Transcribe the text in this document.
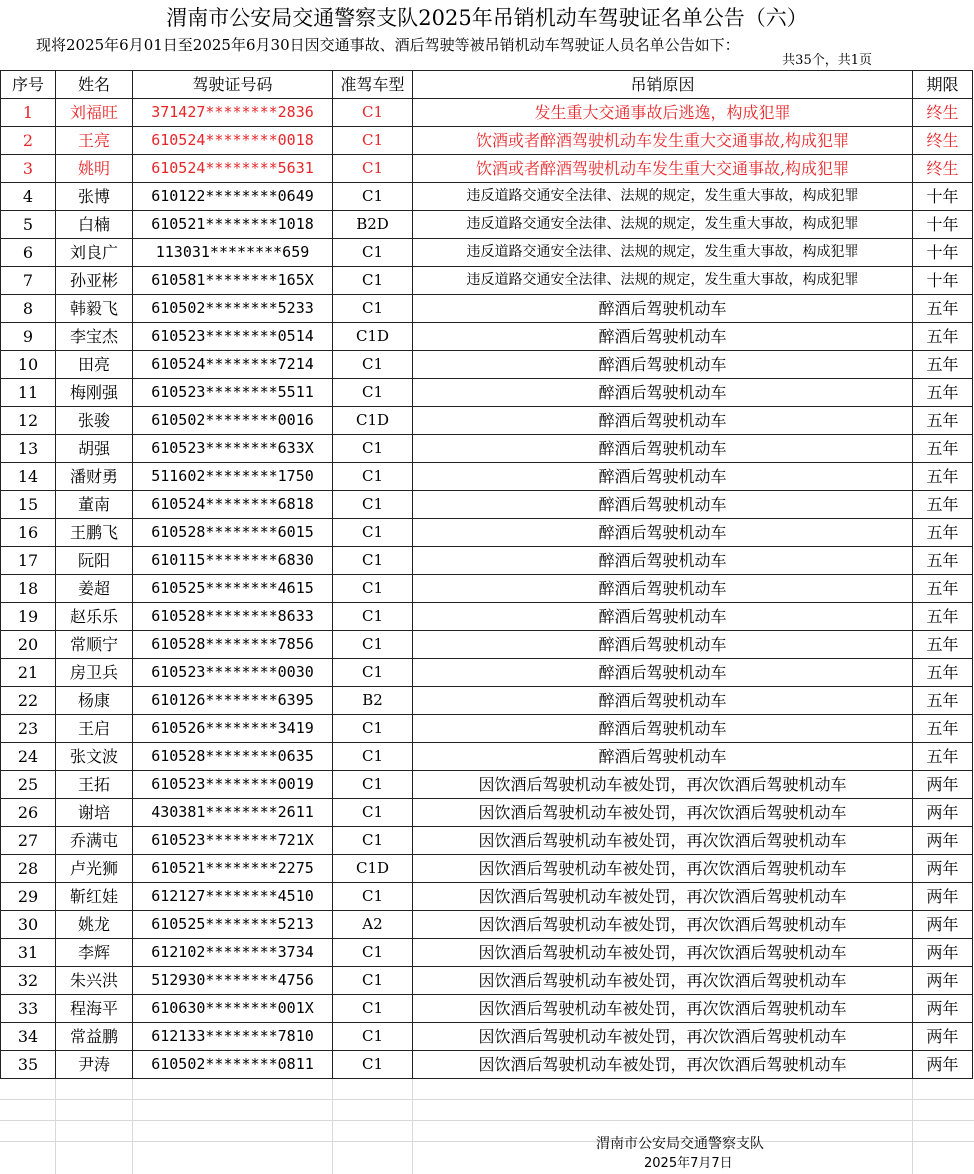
渭南市公安局交通警察支队2025年吊销机动车驾驶证名单公告（六）
现将2025年6月01日至2025年6月30日因交通事故、酒后驾驶等被吊销机动车驾驶证人员名单公告如下：
共35个，共1页
序号	姓名	驾驶证号码	准驾车型	吊销原因	期限
1	刘福旺	371427********2836	C1	发生重大交通事故后逃逸，构成犯罪	终生
2	王亮	610524********0018	C1	饮酒或者醉酒驾驶机动车发生重大交通事故,构成犯罪	终生
3	姚明	610524********5631	C1	饮酒或者醉酒驾驶机动车发生重大交通事故,构成犯罪	终生
4	张博	610122********0649	C1	违反道路交通安全法律、法规的规定，发生重大事故，构成犯罪	十年
5	白楠	610521********1018	B2D	违反道路交通安全法律、法规的规定，发生重大事故，构成犯罪	十年
6	刘良广	113031********659	C1	违反道路交通安全法律、法规的规定，发生重大事故，构成犯罪	十年
7	孙亚彬	610581********165X	C1	违反道路交通安全法律、法规的规定，发生重大事故，构成犯罪	十年
8	韩毅飞	610502********5233	C1	醉酒后驾驶机动车	五年
9	李宝杰	610523********0514	C1D	醉酒后驾驶机动车	五年
10	田亮	610524********7214	C1	醉酒后驾驶机动车	五年
11	梅刚强	610523********5511	C1	醉酒后驾驶机动车	五年
12	张骏	610502********0016	C1D	醉酒后驾驶机动车	五年
13	胡强	610523********633X	C1	醉酒后驾驶机动车	五年
14	潘财勇	511602********1750	C1	醉酒后驾驶机动车	五年
15	董南	610524********6818	C1	醉酒后驾驶机动车	五年
16	王鹏飞	610528********6015	C1	醉酒后驾驶机动车	五年
17	阮阳	610115********6830	C1	醉酒后驾驶机动车	五年
18	姜超	610525********4615	C1	醉酒后驾驶机动车	五年
19	赵乐乐	610528********8633	C1	醉酒后驾驶机动车	五年
20	常顺宁	610528********7856	C1	醉酒后驾驶机动车	五年
21	房卫兵	610523********0030	C1	醉酒后驾驶机动车	五年
22	杨康	610126********6395	B2	醉酒后驾驶机动车	五年
23	王启	610526********3419	C1	醉酒后驾驶机动车	五年
24	张文波	610528********0635	C1	醉酒后驾驶机动车	五年
25	王拓	610523********0019	C1	因饮酒后驾驶机动车被处罚，再次饮酒后驾驶机动车	两年
26	谢培	430381********2611	C1	因饮酒后驾驶机动车被处罚，再次饮酒后驾驶机动车	两年
27	乔满屯	610523********721X	C1	因饮酒后驾驶机动车被处罚，再次饮酒后驾驶机动车	两年
28	卢光狮	610521********2275	C1D	因饮酒后驾驶机动车被处罚，再次饮酒后驾驶机动车	两年
29	靳红娃	612127********4510	C1	因饮酒后驾驶机动车被处罚，再次饮酒后驾驶机动车	两年
30	姚龙	610525********5213	A2	因饮酒后驾驶机动车被处罚，再次饮酒后驾驶机动车	两年
31	李辉	612102********3734	C1	因饮酒后驾驶机动车被处罚，再次饮酒后驾驶机动车	两年
32	朱兴洪	512930********4756	C1	因饮酒后驾驶机动车被处罚，再次饮酒后驾驶机动车	两年
33	程海平	610630********001X	C1	因饮酒后驾驶机动车被处罚，再次饮酒后驾驶机动车	两年
34	常益鹏	612133********7810	C1	因饮酒后驾驶机动车被处罚，再次饮酒后驾驶机动车	两年
35	尹涛	610502********0811	C1	因饮酒后驾驶机动车被处罚，再次饮酒后驾驶机动车	两年
渭南市公安局交通警察支队
2025年7月7日
